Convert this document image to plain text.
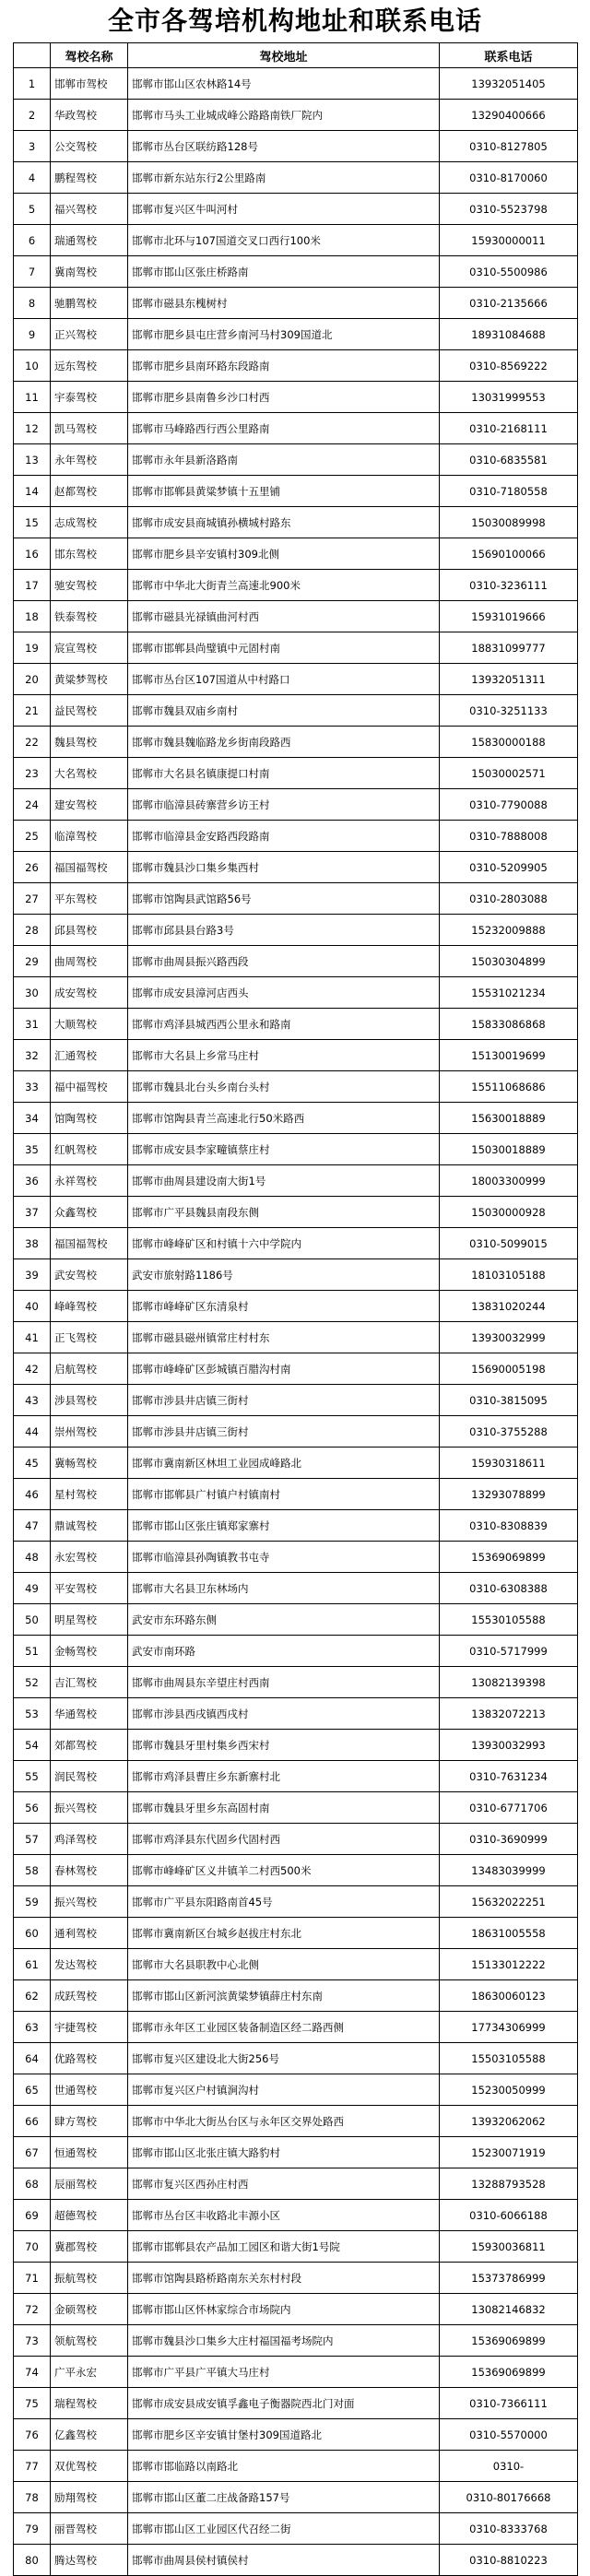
全市各驾培机构地址和联系电话
	驾校名称	驾校地址	联系电话
1	邯郸市驾校	邯郸市邯山区农林路14号	13932051405
2	华政驾校	邯郸市马头工业城成峰公路路南铁厂院内	13290400666
3	公交驾校	邯郸市丛台区联纺路128号	0310-8127805
4	鹏程驾校	邯郸市新东站东行2公里路南	0310-8170060
5	福兴驾校	邯郸市复兴区牛叫河村	0310-5523798
6	瑞通驾校	邯郸市北环与107国道交叉口西行100米	15930000011
7	冀南驾校	邯郸市邯山区张庄桥路南	0310-5500986
8	驰鹏驾校	邯郸市磁县东槐树村	0310-2135666
9	正兴驾校	邯郸市肥乡县屯庄营乡南河马村309国道北	18931084688
10	远东驾校	邯郸市肥乡县南环路东段路南	0310-8569222
11	宇泰驾校	邯郸市肥乡县南鲁乡沙口村西	13031999553
12	凯马驾校	邯郸市马峰路西行西公里路南	0310-2168111
13	永年驾校	邯郸市永年县新洛路南	0310-6835581
14	赵都驾校	邯郸市邯郸县黄粱梦镇十五里铺	0310-7180558
15	志成驾校	邯郸市成安县商城镇孙横城村路东	15030089998
16	邯东驾校	邯郸市肥乡县辛安镇村309北侧	15690100066
17	驰安驾校	邯郸市中华北大街青兰高速北900米	0310-3236111
18	铁泰驾校	邯郸市磁县光禄镇曲河村西	15931019666
19	宸宣驾校	邯郸市邯郸县尚璧镇中元固村南	18831099777
20	黄粱梦驾校	邯郸市丛台区107国道从中村路口	13932051311
21	益民驾校	邯郸市魏县双庙乡南村	0310-3251133
22	魏县驾校	邯郸市魏县魏临路龙乡街南段路西	15830000188
23	大名驾校	邯郸市大名县名镇康提口村南	15030002571
24	建安驾校	邯郸市临漳县砖寨营乡访王村	0310-7790088
25	临漳驾校	邯郸市临漳县金安路西段路南	0310-7888008
26	福国福驾校	邯郸市魏县沙口集乡集西村	0310-5209905
27	平东驾校	邯郸市馆陶县武馆路56号	0310-2803088
28	邱县驾校	邯郸市邱县县台路3号	15232009888
29	曲周驾校	邯郸市曲周县振兴路西段	15030304899
30	成安驾校	邯郸市成安县漳河店西头	15531021234
31	大顺驾校	邯郸市鸡泽县城西西公里永和路南	15833086868
32	汇通驾校	邯郸市大名县上乡常马庄村	15130019699
33	福中福驾校	邯郸市魏县北台头乡南台头村	15511068686
34	馆陶驾校	邯郸市馆陶县青兰高速北行50米路西	15630018889
35	红帆驾校	邯郸市成安县李家疃镇蔡庄村	15030018889
36	永祥驾校	邯郸市曲周县建设南大街1号	18003300999
37	众鑫驾校	邯郸市广平县魏县南段东侧	15030000928
38	福国福驾校	邯郸市峰峰矿区和村镇十六中学院内	0310-5099015
39	武安驾校	武安市旅射路1186号	18103105188
40	峰峰驾校	邯郸市峰峰矿区东清泉村	13831020244
41	正飞驾校	邯郸市磁县磁州镇常庄村村东	13930032999
42	启航驾校	邯郸市峰峰矿区彭城镇百腊沟村南	15690005198
43	涉县驾校	邯郸市涉县井店镇三街村	0310-3815095
44	崇州驾校	邯郸市涉县井店镇三街村	0310-3755288
45	冀畅驾校	邯郸市冀南新区林坦工业园成峰路北	15930318611
46	星村驾校	邯郸市邯郸县广村镇户村镇南村	13293078899
47	鼎诚驾校	邯郸市邯山区张庄镇郑家寨村	0310-8308839
48	永宏驾校	邯郸市临漳县孙陶镇教书屯寺	15369069899
49	平安驾校	邯郸市大名县卫东林场内	0310-6308388
50	明星驾校	武安市东环路东侧	15530105588
51	金畅驾校	武安市南环路	0310-5717999
52	吉汇驾校	邯郸市曲周县东辛望庄村西南	13082139398
53	华通驾校	邯郸市涉县西戌镇西戌村	13832072213
54	郊都驾校	邯郸市魏县牙里村集乡西宋村	13930032993
55	润民驾校	邯郸市鸡泽县曹庄乡东新寨村北	0310-7631234
56	振兴驾校	邯郸市魏县牙里乡东高固村南	0310-6771706
57	鸡泽驾校	邯郸市鸡泽县东代固乡代固村西	0310-3690999
58	春林驾校	邯郸市峰峰矿区义井镇羊二村西500米	13483039999
59	振兴驾校	邯郸市广平县东阳路南首45号	15632022251
60	通利驾校	邯郸市冀南新区台城乡赵拔庄村东北	18631005558
61	发达驾校	邯郸市大名县职教中心北侧	15133012222
62	成跃驾校	邯郸市邯山区新河滨黄粱梦镇薛庄村东南	18630060123
63	宇捷驾校	邯郸市永年区工业园区装备制造区经二路西侧	17734306999
64	优路驾校	邯郸市复兴区建设北大街256号	15503105588
65	世通驾校	邯郸市复兴区户村镇涧沟村	15230050999
66	肆方驾校	邯郸市中华北大街丛台区与永年区交界处路西	13932062062
67	恒通驾校	邯郸市邯山区北张庄镇大路豹村	15230071919
68	辰丽驾校	邯郸市复兴区西孙庄村西	13288793528
69	超德驾校	邯郸市丛台区丰收路北丰源小区	0310-6066188
70	冀郡驾校	邯郸市邯郸县农产品加工园区和谐大街1号院	15930036811
71	振航驾校	邯郸市馆陶县路桥路南东关东村村段	15373786999
72	金硕驾校	邯郸市邯山区怀林家综合市场院内	13082146832
73	领航驾校	邯郸市魏县沙口集乡大庄村福国福考场院内	15369069899
74	广平永宏	邯郸市广平县广平镇大马庄村	15369069899
75	瑞程驾校	邯郸市成安县成安镇孚鑫电子衡器院西北门对面	0310-7366111
76	亿鑫驾校	邯郸市肥乡区辛安镇甘堡村309国道路北	0310-5570000
77	双优驾校	邯郸市邯临路以南路北	0310-
78	励翔驾校	邯郸市邯山区董二庄战备路157号	0310-80176668
79	丽晋驾校	邯郸市邯山区工业园区代召经二街	0310-8333768
80	腾达驾校	邯郸市曲周县侯村镇侯村	0310-8810223
